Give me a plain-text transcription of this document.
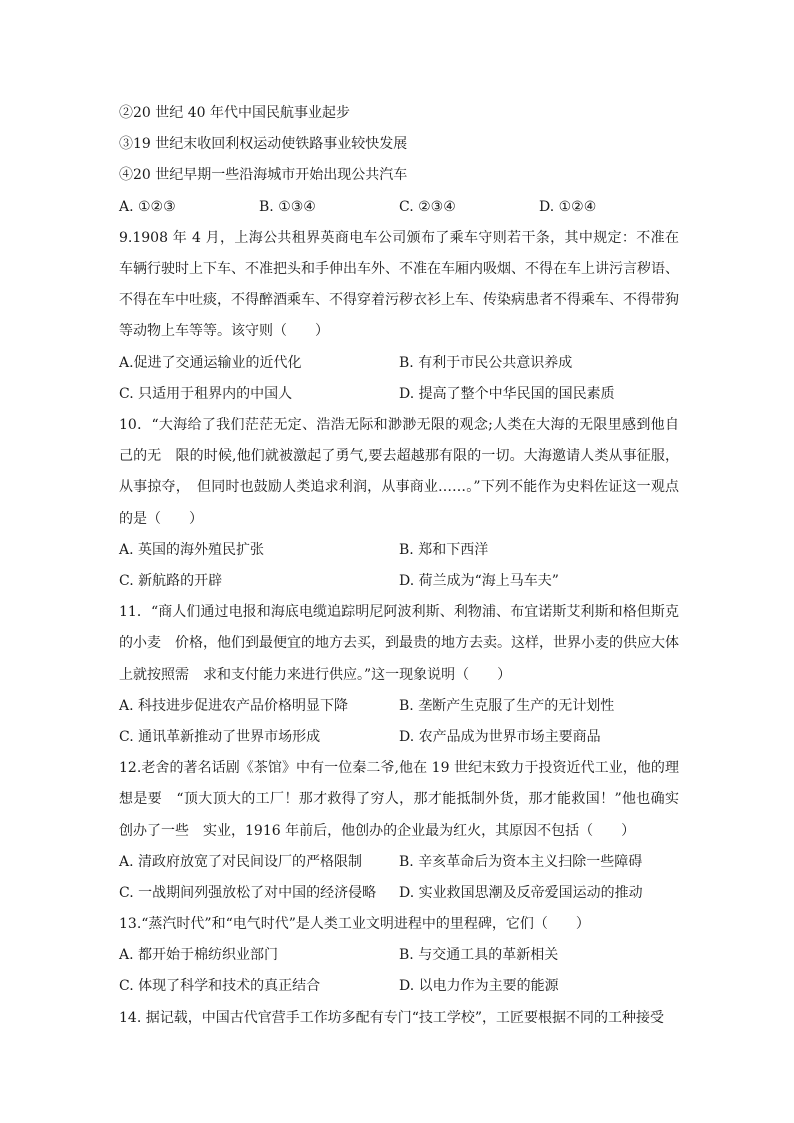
②20 世纪 40 年代中国民航事业起步
③19 世纪末收回利权运动使铁路事业较快发展
④20 世纪早期一些沿海城市开始出现公共汽车
A. ①②③	B. ①③④	C. ②③④	D. ①②④
9.1908 年 4 月，上海公共租界英商电车公司颁布了乘车守则若干条，其中规定：不准在车辆行驶时上下车、不准把头和手伸出车外、不准在车厢内吸烟、不得在车上讲污言秽语、不得在车中吐痰，不得醉酒乘车、不得穿着污秽衣衫上车、传染病患者不得乘车、不得带狗等动物上车等等。该守则（　　）
A.促进了交通运输业的近代化	B. 有利于市民公共意识养成
C. 只适用于租界内的中国人	D. 提高了整个中华民国的国民素质
10．“大海给了我们茫茫无定、浩浩无际和渺渺无限的观念;人类在大海的无限里感到他自己的无　限的时候,他们就被激起了勇气,要去超越那有限的一切。大海邀请人类从事征服，从事掠夺，　但同时也鼓励人类追求利润，从事商业……。”下列不能作为史料佐证这一观点的是（　　）
A. 英国的海外殖民扩张	B. 郑和下西洋
C. 新航路的开辟	D. 荷兰成为“海上马车夫”
11．“商人们通过电报和海底电缆追踪明尼阿波利斯、利物浦、布宜诺斯艾利斯和格但斯克的小麦　价格，他们到最便宜的地方去买，到最贵的地方去卖。这样，世界小麦的供应大体上就按照需　求和支付能力来进行供应。”这一现象说明（　　）
A. 科技进步促进农产品价格明显下降	B. 垄断产生克服了生产的无计划性
C. 通讯革新推动了世界市场形成	D. 农产品成为世界市场主要商品
12.老舍的著名话剧《茶馆》中有一位秦二爷,他在 19 世纪末致力于投资近代工业，他的理想是要　“顶大顶大的工厂！那才救得了穷人，那才能抵制外货，那才能救国！”他也确实创办了一些　实业，1916 年前后，他创办的企业最为红火，其原因不包括（　　）
A. 清政府放宽了对民间设厂的严格限制	B. 辛亥革命后为资本主义扫除一些障碍
C. 一战期间列强放松了对中国的经济侵略	D. 实业救国思潮及反帝爱国运动的推动
13.“蒸汽时代”和“电气时代”是人类工业文明进程中的里程碑，它们（　　）
A. 都开始于棉纺织业部门	B. 与交通工具的革新相关
C. 体现了科学和技术的真正结合	D. 以电力作为主要的能源
14. 据记载，中国古代官营手工作坊多配有专门“技工学校”，工匠要根据不同的工种接受
